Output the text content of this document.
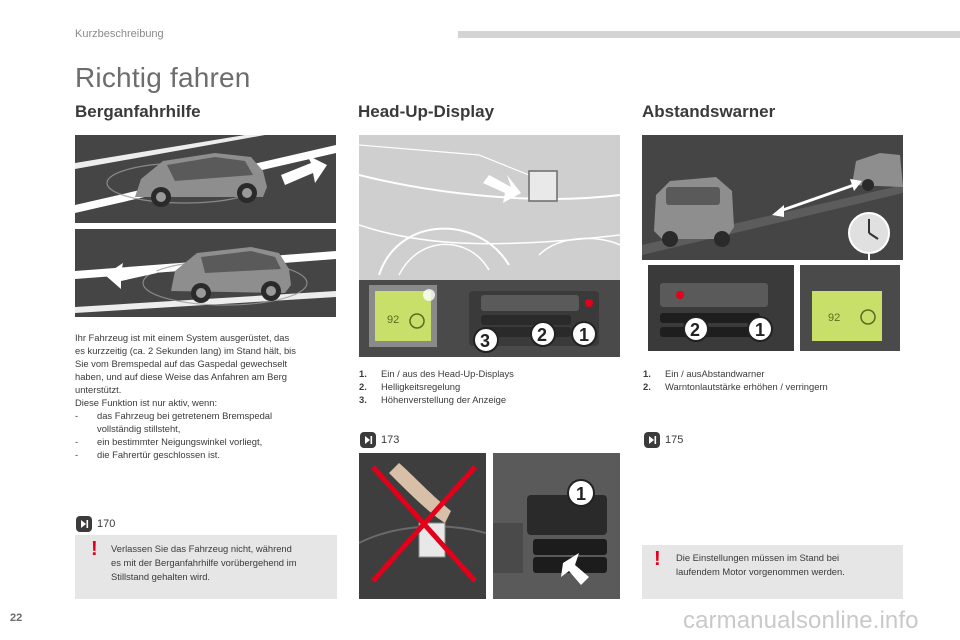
Kurzbeschreibung
Richtig fahren
Berganfahrhilfe	Head-Up-Display	Abstandswarner

Ihr Fahrzeug ist mit einem System ausgerüstet, das

es kurzzeitig (ca. 2 Sekunden lang) im Stand hält, bis

Sie vom Bremspedal auf das Gaspedal gewechselt

haben, und auf diese Weise das Anfahren am Berg

unterstützt.

Diese Funktion ist nur aktiv, wenn:

-	das Fahrzeug bei getretenem Bremspedal
vollständig stillsteht,
-	ein bestimmter Neigungswinkel vorliegt,
-	die Fahrertür geschlossen ist.
170
! Verlassen Sie das Fahrzeug nicht, während
es mit der Berganfahrhilfe vorübergehend im
Stillstand gehalten wird.
92
3	2 1
1.	Ein / aus des Head-Up-Displays
2.	Helligkeitsregelung
3.	Höhenverstellung der Anzeige
173
1
2	1
92
1.	Ein / ausAbstandwarner
2.	Warntonlautstärke erhöhen / verringern
175
! Die Einstellungen müssen im Stand bei
laufendem Motor vorgenommen werden.
22	carmanualsonline.info
